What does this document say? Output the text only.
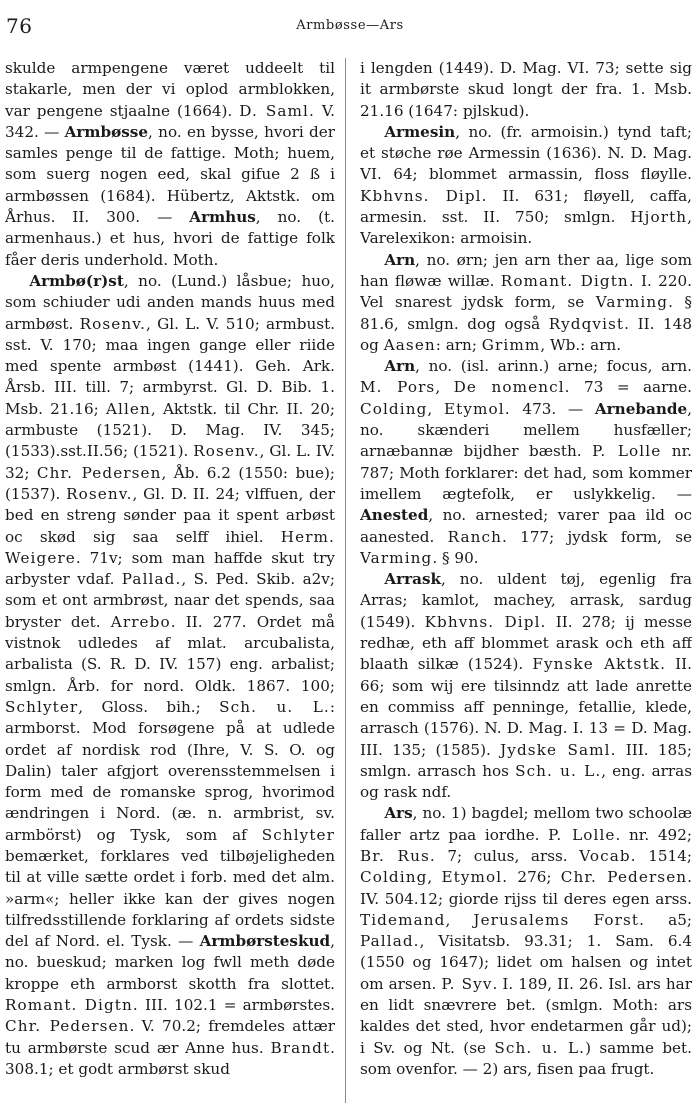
76	Armbøsse—Ars

skulde armpengene været uddeelt til stakarle, men der vi oplod armblokken, var pengene stjaalne (1664). D. Saml. V. 342. — Armbøsse, no. en bysse, hvori der samles penge til de fattige. Moth; huem, som suerg nogen eed, skal gifue 2 ß i armbøssen (1684). Hübertz, Aktstk. om Århus. II. 300. — Armhus, no. (t. armenhaus.) et hus, hvori de fattige folk fåer deris underhold. Moth.

Armbø(r)st, no. (Lund.) låsbue; huo, som schiuder udi anden mands huus med armbøst. Rosenv., Gl. L. V. 510; armbust. sst. V. 170; maa ingen gange eller riide med spente armbøst (1441). Geh. Ark. Årsb. III. till. 7; armbyrst. Gl. D. Bib. 1. Msb. 21.16; Allen, Aktstk. til Chr. II. 20; armbuste (1521). D. Mag. IV. 345; (1533).sst.II.56; (1521). Rosenv., Gl. L. IV. 32; Chr. Pedersen, Åb. 6.2 (1550: bue); (1537). Rosenv., Gl. D. II. 24; vlffuen, der bed en streng sønder paa it spent arbøst oc skød sig saa selff ihiel. Herm. Weigere. 71v; som man haffde skut try arbyster vdaf. Pallad., S. Ped. Skib. a2v; som et ont armbrøst, naar det spends, saa bryster det. Arrebo. II. 277. Ordet må vistnok udledes af mlat. arcubalista, arbalista (S. R. D. IV. 157) eng. arbalist; smlgn. Årb. for nord. Oldk. 1867. 100; Schlyter, Gloss. bih.; Sch. u. L.: armborst. Mod forsøgene på at udlede ordet af nordisk rod (Ihre, V. S. O. og Dalin) taler afgjort overensstemmelsen i form med de romanske sprog, hvorimod ændringen i Nord. (æ. n. armbrist, sv. armbörst) og Tysk, som af Schlyter bemærket, forklares ved tilbøjeligheden til at ville sætte ordet i forb. med det alm. »arm«; heller ikke kan der gives nogen tilfredsstillende forklaring af ordets sidste del af Nord. el. Tysk. — Armbørsteskud, no. bueskud; marken log fwll meth døde kroppe eth armborst skotth fra slottet. Romant. Digtn. III. 102.1 = armbørstes. Chr. Pedersen. V. 70.2; fremdeles attær tu armbørste scud ær Anne hus. Brandt. 308.1; et godt armbørst skud

i lengden (1449). D. Mag. VI. 73; sette sig it armbørste skud longt der fra. 1. Msb. 21.16 (1647: pjlskud).

Armesin, no. (fr. armoisin.) tynd taft; et støche røe Armessin (1636). N. D. Mag. VI. 64; blommet armassin, floss fløylle. Kbhvns. Dipl. II. 631; fløyell, caffa, armesin. sst. II. 750; smlgn. Hjorth, Varelexikon: armoisin.

Arn, no. ørn; jen arn ther aa, lige som han fløwæ willæ. Romant. Digtn. I. 220. Vel snarest jydsk form, se Varming. § 81.6, smlgn. dog også Rydqvist. II. 148 og Aasen: arn; Grimm, Wb.: arn.

Arn, no. (isl. arinn.) arne; focus, arn. M. Pors, De nomencl. 73 = aarne. Colding, Etymol. 473. — Arnebande, no. skænderi mellem husfæller; arnæbannæ bijdher bæsth. P. Lolle nr. 787; Moth forklarer: det had, som kommer imellem ægtefolk, er uslykkelig. — Anested, no. arnested; varer paa ild oc aanested. Ranch. 177; jydsk form, se Varming. § 90.

Arrask, no. uldent tøj, egenlig fra Arras; kamlot, machey, arrask, sardug (1549). Kbhvns. Dipl. II. 278; ij messe redhæ, eth aff blommet arask och eth aff blaath silkæ (1524). Fynske Aktstk. II. 66; som wij ere tilsinndz att lade anrette en commiss aff penninge, fetallie, klede, arrasch (1576). N. D. Mag. I. 13 = D. Mag. III. 135; (1585). Jydske Saml. III. 185; smlgn. arrasch hos Sch. u. L., eng. arras og rask ndf.

Ars, no. 1) bagdel; mellom two schoolæ faller artz paa iordhe. P. Lolle. nr. 492; Br. Rus. 7; culus, arss. Vocab. 1514; Colding, Etymol. 276; Chr. Pedersen. IV. 504.12; giorde rijss til deres egen arss. Tidemand, Jerusalems Forst. a5; Pallad., Visitatsb. 93.31; 1. Sam. 6.4 (1550 og 1647); lidet om halsen og intet om arsen. P. Syv. I. 189, II. 26. Isl. ars har en lidt snævrere bet. (smlgn. Moth: ars kaldes det sted, hvor endetarmen går ud); i Sv. og Nt. (se Sch. u. L.) samme bet. som ovenfor. — 2) ars, fisen paa frugt.
